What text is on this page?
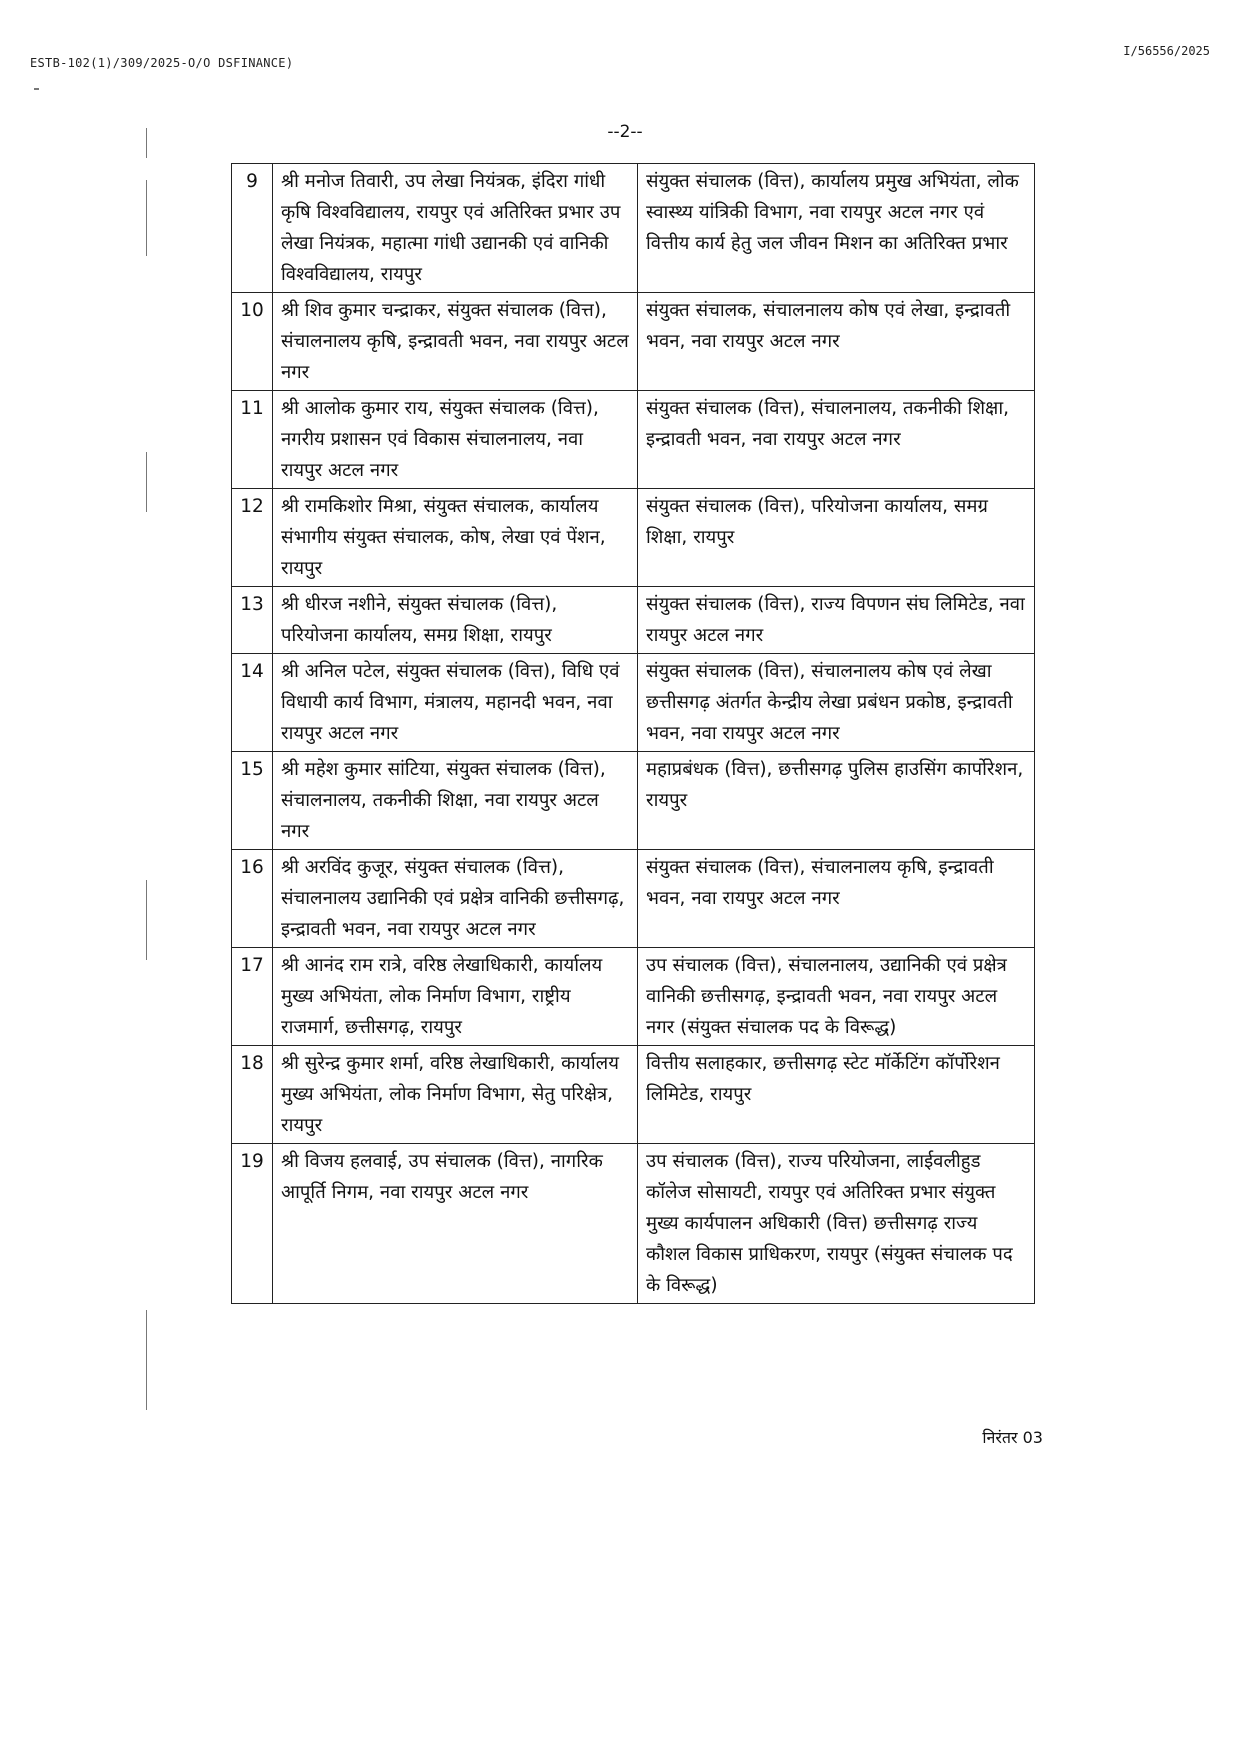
ESTB-102(1)/309/2025-O/O DSFINANCE)
I/56556/2025
--2--
9	श्री मनोज तिवारी, उप लेखा नियंत्रक, इंदिरा गांधी कृषि विश्वविद्यालय, रायपुर एवं अतिरिक्त प्रभार उप लेखा नियंत्रक, महात्मा गांधी उद्यानकी एवं वानिकी विश्वविद्यालय, रायपुर	संयुक्त संचालक (वित्त), कार्यालय प्रमुख अभियंता, लोक स्वास्थ्य यांत्रिकी विभाग, नवा रायपुर अटल नगर एवं वित्तीय कार्य हेतु जल जीवन मिशन का अतिरिक्त प्रभार
10	श्री शिव कुमार चन्द्राकर, संयुक्त संचालक (वित्त), संचालनालय कृषि, इन्द्रावती भवन, नवा रायपुर अटल नगर	संयुक्त संचालक, संचालनालय कोष एवं लेखा, इन्द्रावती भवन, नवा रायपुर अटल नगर
11	श्री आलोक कुमार राय, संयुक्त संचालक (वित्त), नगरीय प्रशासन एवं विकास संचालनालय, नवा रायपुर अटल नगर	संयुक्त संचालक (वित्त), संचालनालय, तकनीकी शिक्षा, इन्द्रावती भवन, नवा रायपुर अटल नगर
12	श्री रामकिशोर मिश्रा, संयुक्त संचालक, कार्यालय संभागीय संयुक्त संचालक, कोष, लेखा एवं पेंशन, रायपुर	संयुक्त संचालक (वित्त), परियोजना कार्यालय, समग्र शिक्षा, रायपुर
13	श्री धीरज नशीने, संयुक्त संचालक (वित्त), परियोजना कार्यालय, समग्र शिक्षा, रायपुर	संयुक्त संचालक (वित्त), राज्य विपणन संघ लिमिटेड, नवा रायपुर अटल नगर
14	श्री अनिल पटेल, संयुक्त संचालक (वित्त), विधि एवं विधायी कार्य विभाग, मंत्रालय, महानदी भवन, नवा रायपुर अटल नगर	संयुक्त संचालक (वित्त), संचालनालय कोष एवं लेखा छत्तीसगढ़ अंतर्गत केन्द्रीय लेखा प्रबंधन प्रकोष्ठ, इन्द्रावती भवन, नवा रायपुर अटल नगर
15	श्री महेश कुमार सांटिया, संयुक्त संचालक (वित्त), संचालनालय, तकनीकी शिक्षा, नवा रायपुर अटल नगर	महाप्रबंधक (वित्त), छत्तीसगढ़ पुलिस हाउसिंग कार्पोरेशन, रायपुर
16	श्री अरविंद कुजूर, संयुक्त संचालक (वित्त), संचालनालय उद्यानिकी एवं प्रक्षेत्र वानिकी छत्तीसगढ़, इन्द्रावती भवन, नवा रायपुर अटल नगर	संयुक्त संचालक (वित्त), संचालनालय कृषि, इन्द्रावती भवन, नवा रायपुर अटल नगर
17	श्री आनंद राम रात्रे, वरिष्ठ लेखाधिकारी, कार्यालय मुख्य अभियंता, लोक निर्माण विभाग, राष्ट्रीय राजमार्ग, छत्तीसगढ़, रायपुर	उप संचालक (वित्त), संचालनालय, उद्यानिकी एवं प्रक्षेत्र वानिकी छत्तीसगढ़, इन्द्रावती भवन, नवा रायपुर अटल नगर (संयुक्त संचालक पद के विरूद्ध)
18	श्री सुरेन्द्र कुमार शर्मा, वरिष्ठ लेखाधिकारी, कार्यालय मुख्य अभियंता, लोक निर्माण विभाग, सेतु परिक्षेत्र, रायपुर	वित्तीय सलाहकार, छत्तीसगढ़ स्टेट मॉर्केटिंग कॉर्पोरेशन लिमिटेड, रायपुर
19	श्री विजय हलवाई, उप संचालक (वित्त), नागरिक आपूर्ति निगम, नवा रायपुर अटल नगर	उप संचालक (वित्त), राज्य परियोजना, लाईवलीहुड कॉलेज सोसायटी, रायपुर एवं अतिरिक्त प्रभार संयुक्त मुख्य कार्यपालन अधिकारी (वित्त) छत्तीसगढ़ राज्य कौशल विकास प्राधिकरण, रायपुर (संयुक्त संचालक पद के विरूद्ध)
निरंतर 03
